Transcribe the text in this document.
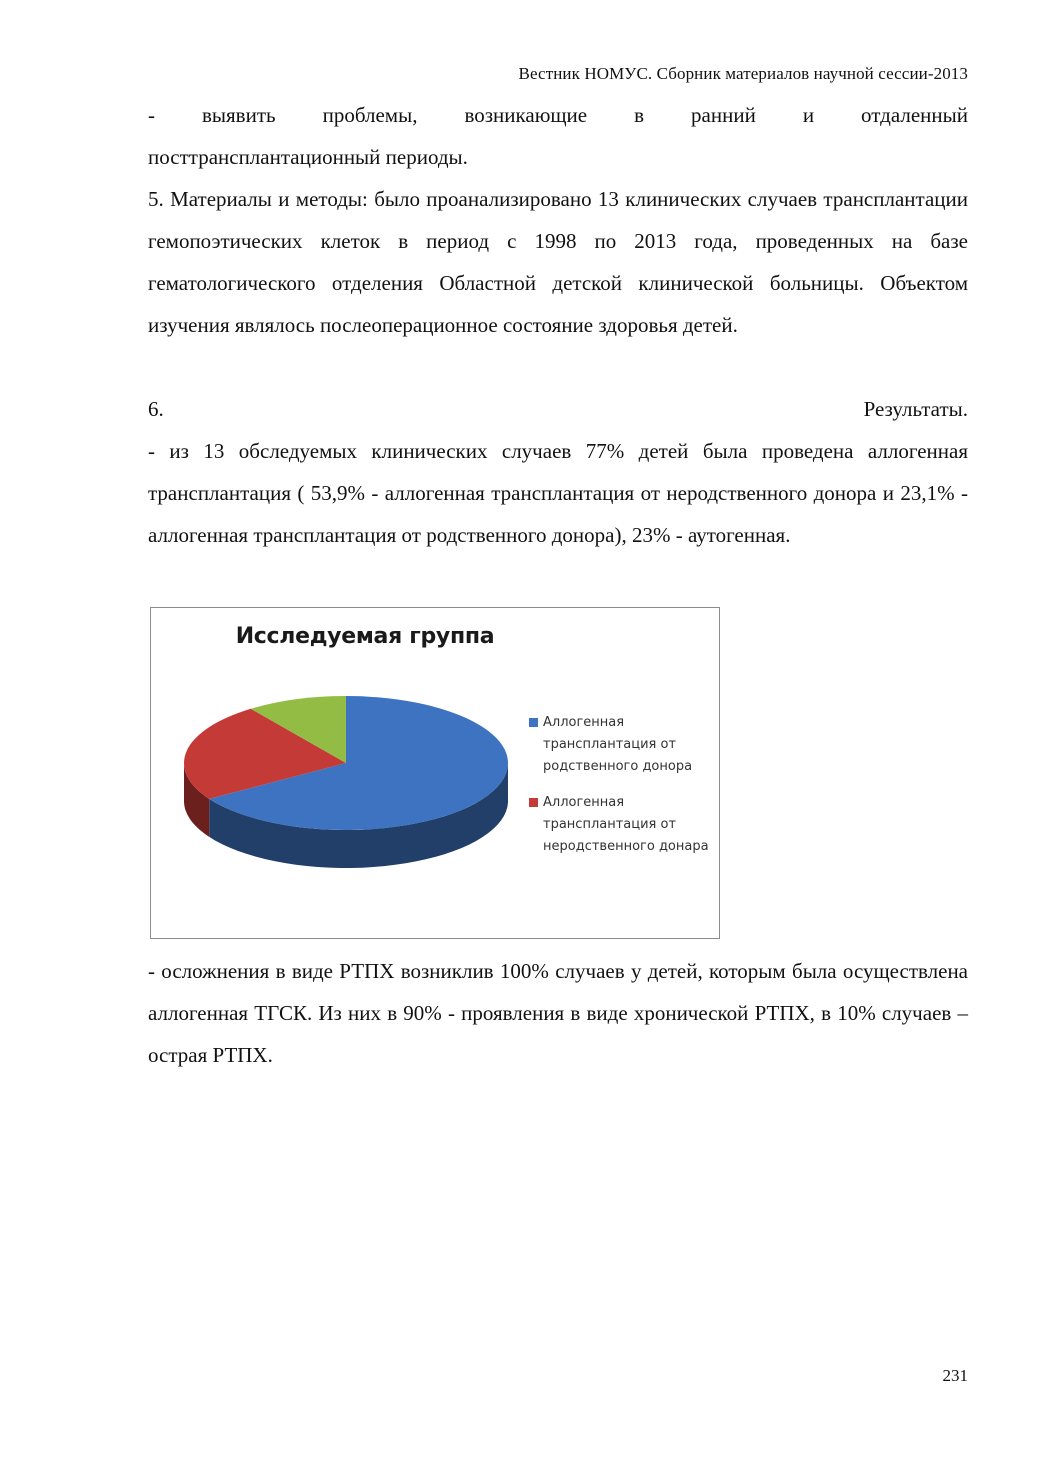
Вестник НОМУС. Сборник материалов научной сессии-2013

- выявить проблемы, возникающие в ранний и отдаленный

посттрансплантационный периоды.

5. Материалы и методы: было проанализировано 13 клинических случаев трансплантации гемопоэтических клеток в период с 1998 по 2013 года, проведенных на базе гематологического отделения Областной детской клинической больницы. Объектом изучения являлось послеоперационное состояние здоровья детей.

6.	Результаты.

- из 13 обследуемых клинических случаев 77% детей была проведена аллогенная трансплантация ( 53,9% - аллогенная трансплантация от неродственного донора и 23,1% - аллогенная трансплантация от родственного донора), 23% - аутогенная.

Исследуемая группа
Аллогенная трансплантация от родственного донора
Аллогенная трансплантация от неродственного донара

- осложнения в виде РТПХ возниклив 100% случаев у детей, которым была осуществлена аллогенная ТГСК. Из них в 90% - проявления в виде хронической РТПХ, в 10% случаев – острая РТПХ.

231
